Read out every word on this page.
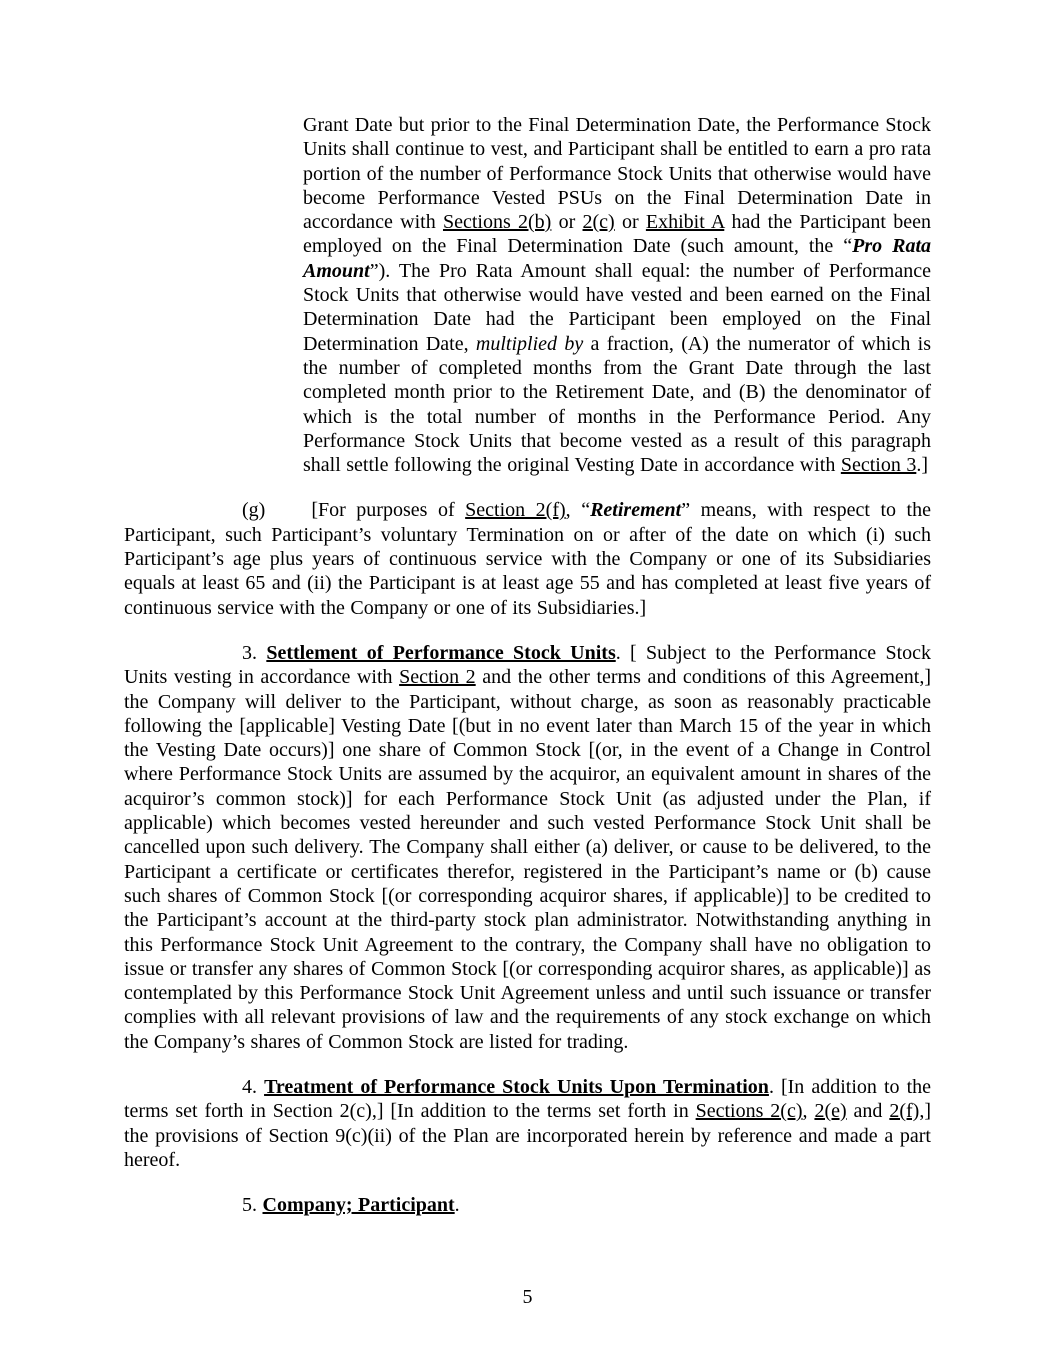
Grant Date but prior to the Final Determination Date, the Performance Stock Units shall continue to vest, and Participant shall be entitled to earn a pro rata portion of the number of Performance Stock Units that otherwise would have become Performance Vested PSUs on the Final Determination Date in accordance with Sections 2(b) or 2(c) or Exhibit A had the Participant been employed on the Final Determination Date (such amount, the “Pro Rata Amount”). The Pro Rata Amount shall equal: the number of Performance Stock Units that otherwise would have vested and been earned on the Final Determination Date had the Participant been employed on the Final Determination Date, multiplied by a fraction, (A) the numerator of which is the number of completed months from the Grant Date through the last completed month prior to the Retirement Date, and (B) the denominator of which is the total number of months in the Performance Period. Any Performance Stock Units that become vested as a result of this paragraph shall settle following the original Vesting Date in accordance with Section 3.]

(g) [For purposes of Section 2(f), “Retirement” means, with respect to the Participant, such Participant’s voluntary Termination on or after of the date on which (i) such Participant’s age plus years of continuous service with the Company or one of its Subsidiaries equals at least 65 and (ii) the Participant is at least age 55 and has completed at least five years of continuous service with the Company or one of its Subsidiaries.]

3. Settlement of Performance Stock Units. [ Subject to the Performance Stock Units vesting in accordance with Section 2 and the other terms and conditions of this Agreement,] the Company will deliver to the Participant, without charge, as soon as reasonably practicable following the [applicable] Vesting Date [(but in no event later than March 15 of the year in which the Vesting Date occurs)] one share of Common Stock [(or, in the event of a Change in Control where Performance Stock Units are assumed by the acquiror, an equivalent amount in shares of the acquiror’s common stock)] for each Performance Stock Unit (as adjusted under the Plan, if applicable) which becomes vested hereunder and such vested Performance Stock Unit shall be cancelled upon such delivery. The Company shall either (a) deliver, or cause to be delivered, to the Participant a certificate or certificates therefor, registered in the Participant’s name or (b) cause such shares of Common Stock [(or corresponding acquiror shares, if applicable)] to be credited to the Participant’s account at the third-party stock plan administrator. Notwithstanding anything in this Performance Stock Unit Agreement to the contrary, the Company shall have no obligation to issue or transfer any shares of Common Stock [(or corresponding acquiror shares, as applicable)] as contemplated by this Performance Stock Unit Agreement unless and until such issuance or transfer complies with all relevant provisions of law and the requirements of any stock exchange on which the Company’s shares of Common Stock are listed for trading.

4. Treatment of Performance Stock Units Upon Termination. [In addition to the terms set forth in Section 2(c),] [In addition to the terms set forth in Sections 2(c), 2(e) and 2(f),] the provisions of Section 9(c)(ii) of the Plan are incorporated herein by reference and made a part hereof.

5. Company; Participant.

5
